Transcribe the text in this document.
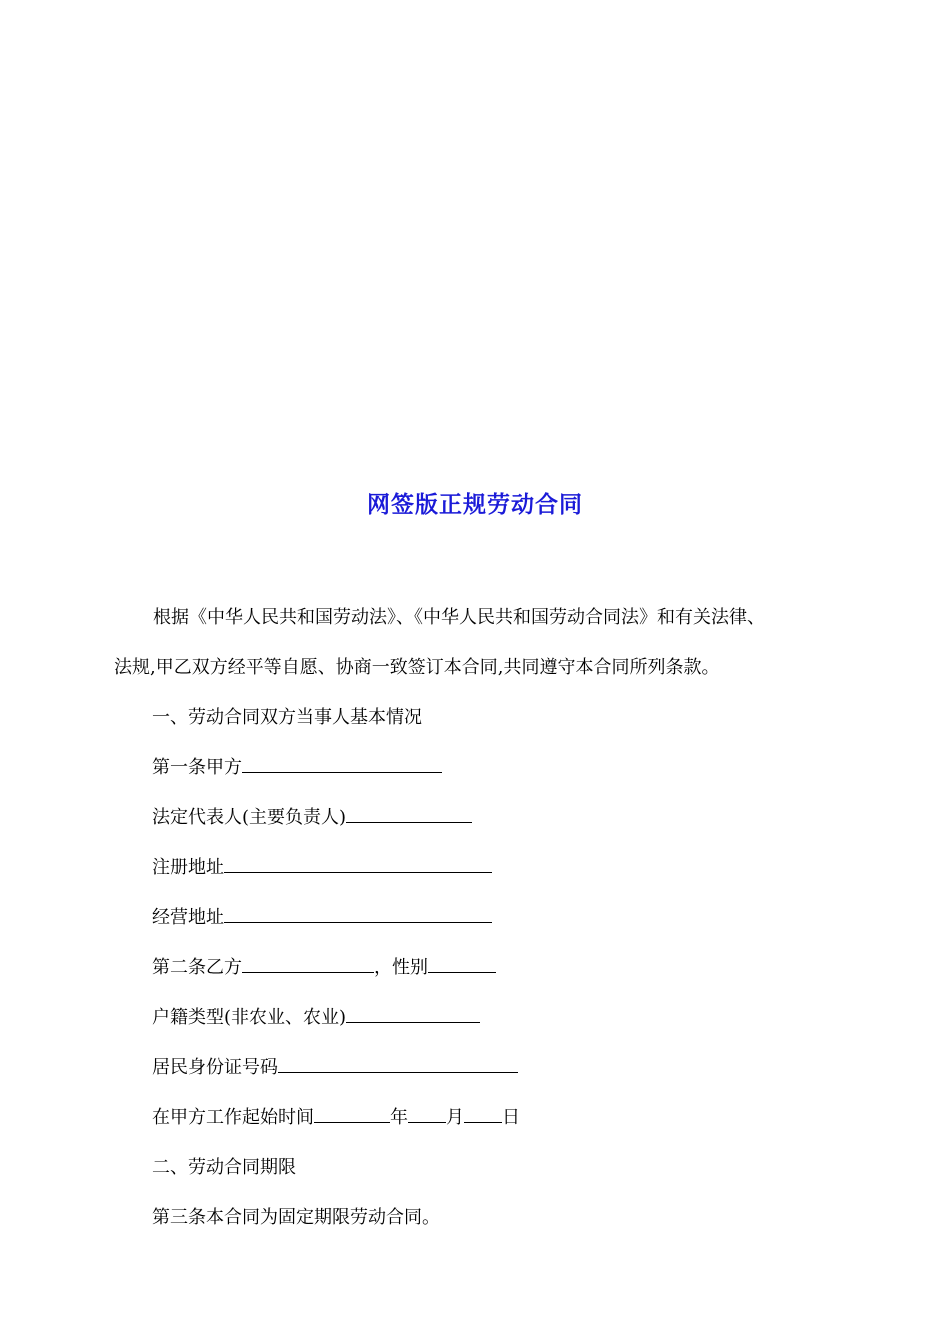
网签版正规劳动合同
根据《中华人民共和国劳动法》、《中华人民共和国劳动合同法》和有关法律、
法规,甲乙双方经平等自愿、协商一致签订本合同,共同遵守本合同所列条款。
一、劳动合同双方当事人基本情况
第一条甲方
法定代表人(主要负责人)
注册地址
经营地址
第二条乙方	，性别
户籍类型(非农业、农业)
居民身份证号码
在甲方工作起始时间	年 月 日
二、劳动合同期限
第三条本合同为固定期限劳动合同。
